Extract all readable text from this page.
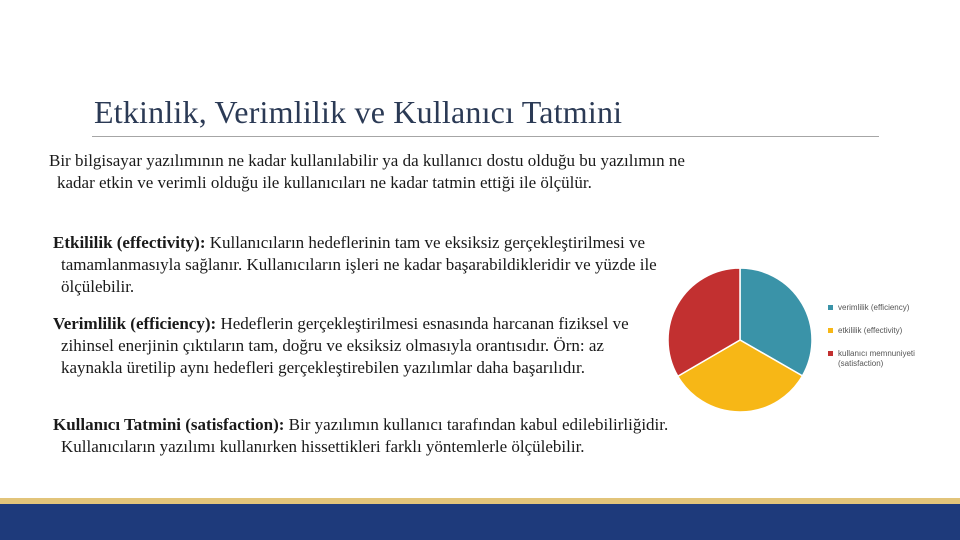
Etkinlik, Verimlilik ve Kullanıcı Tatmini

Bir bilgisayar yazılımının ne kadar kullanılabilir ya da kullanıcı dostu olduğu bu yazılımın ne kadar etkin ve verimli olduğu ile kullanıcıları ne kadar tatmin ettiği ile ölçülür.

Etkililik (effectivity): Kullanıcıların hedeflerinin tam ve eksiksiz gerçekleştirilmesi ve tamamlanmasıyla sağlanır. Kullanıcıların işleri ne kadar başarabildikleridir ve yüzde ile ölçülebilir.

Verimlilik (efficiency): Hedeflerin gerçekleştirilmesi esnasında harcanan fiziksel ve zihinsel enerjinin çıktıların tam, doğru ve eksiksiz olmasıyla orantısıdır. Örn: az kaynakla üretilip aynı hedefleri gerçekleştirebilen yazılımlar daha başarılıdır.

Kullanıcı Tatmini (satisfaction): Bir yazılımın kullanıcı tarafından kabul edilebilirliğidir. Kullanıcıların yazılımı kullanırken hissettikleri farklı yöntemlerle ölçülebilir.

verimlilik (efficiency)
etkililik (effectivity)
kullanıcı memnuniyeti
(satisfaction)
